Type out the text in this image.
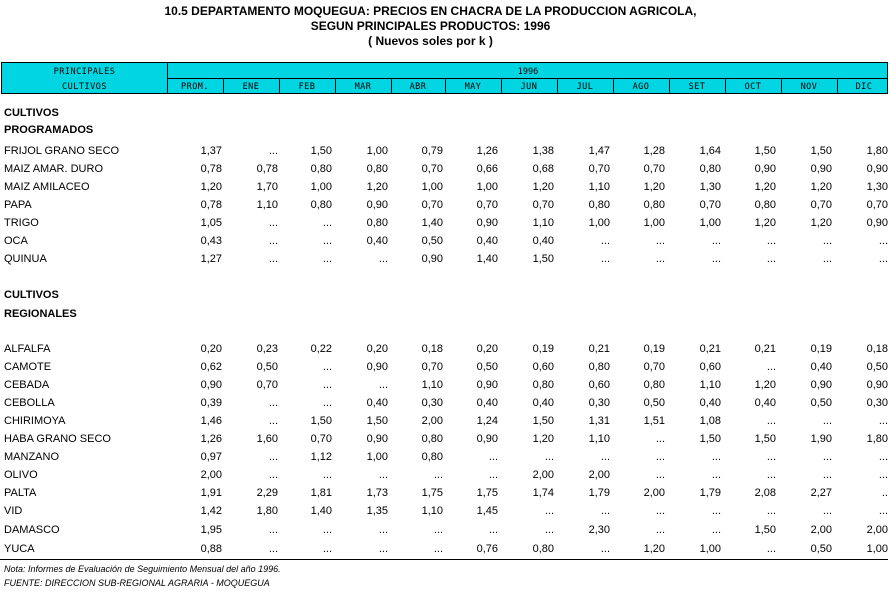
10.5 DEPARTAMENTO MOQUEGUA: PRECIOS EN CHACRA DE LA PRODUCCION AGRICOLA,
SEGUN PRINCIPALES PRODUCTOS: 1996
( Nuevos soles por k )
PRINCIPALES
CULTIVOS
1996
PROM.	ENE	FEB	MAR	ABR	MAY	JUN	JUL	AGO	SET	OCT	NOV	DIC
CULTIVOS
PROGRAMADOS
FRIJOL GRANO SECO	1,37	...	1,50	1,00	0,79	1,26	1,38	1,47	1,28	1,64	1,50	1,50	1,80
MAIZ AMAR. DURO	0,78	0,78	0,80	0,80	0,70	0,66	0,68	0,70	0,70	0,80	0,90	0,90	0,90
MAIZ AMILACEO	1,20	1,70	1,00	1,20	1,00	1,00	1,20	1,10	1,20	1,30	1,20	1,20	1,30
PAPA	0,78	1,10	0,80	0,90	0,70	0,70	0,70	0,80	0,80	0,70	0,80	0,70	0,70
TRIGO	1,05	...	...	0,80	1,40	0,90	1,10	1,00	1,00	1,00	1,20	1,20	0,90
OCA	0,43	...	...	0,40	0,50	0,40	0,40	...	...	...	...	...	...
QUINUA	1,27	...	...	...	0,90	1,40	1,50	...	...	...	...	...	...
CULTIVOS
REGIONALES
ALFALFA	0,20	0,23	0,22	0,20	0,18	0,20	0,19	0,21	0,19	0,21	0,21	0,19	0,18
CAMOTE	0,62	0,50	...	0,90	0,70	0,50	0,60	0,80	0,70	0,60	...	0,40	0,50
CEBADA	0,90	0,70	...	...	1,10	0,90	0,80	0,60	0,80	1,10	1,20	0,90	0,90
CEBOLLA	0,39	...	...	0,40	0,30	0,40	0,40	0,30	0,50	0,40	0,40	0,50	0,30
CHIRIMOYA	1,46	...	1,50	1,50	2,00	1,24	1,50	1,31	1,51	1,08	...	...	...
HABA GRANO SECO	1,26	1,60	0,70	0,90	0,80	0,90	1,20	1,10	...	1,50	1,50	1,90	1,80
MANZANO	0,97	...	1,12	1,00	0,80	...	...	...	...	...	...	...	...
OLIVO	2,00	...	...	...	...	...	2,00	2,00	...	...	...	...	...
PALTA	1,91	2,29	1,81	1,73	1,75	1,75	1,74	1,79	2,00	1,79	2,08	2,27	..
VID	1,42	1,80	1,40	1,35	1,10	1,45	...	...	...	...	...	...	...
DAMASCO	1,95	...	...	...	...	...	...	2,30	...	...	1,50	2,00	2,00
YUCA	0,88	...	...	...	...	0,76	0,80	...	1,20	1,00	...	0,50	1,00
Nota: Informes de Evaluación de Seguimiento Mensual del año 1996.
FUENTE: DIRECCION SUB-REGIONAL AGRARIA - MOQUEGUA
